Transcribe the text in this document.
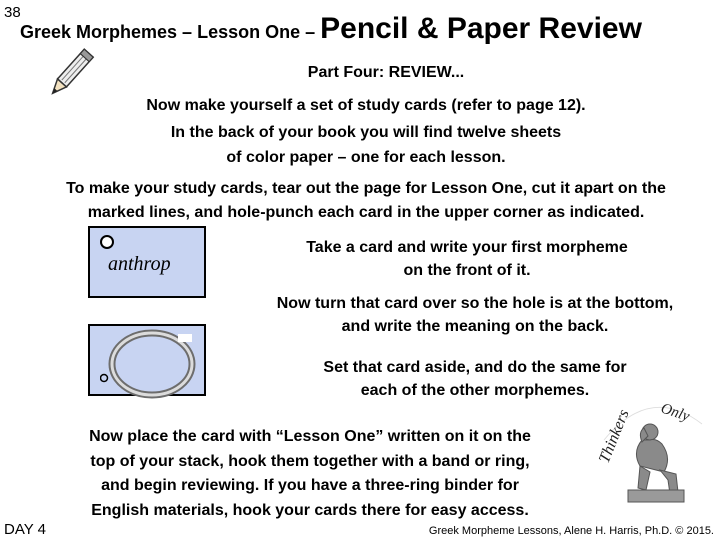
38
Greek Morphemes – Lesson One – Pencil & Paper Review
Part Four: REVIEW...
Now make yourself a set of study cards (refer to page 12).
In the back of your book you will find twelve sheets
of color paper – one for each lesson.
To make your study cards, tear out the page for Lesson One, cut it apart on the
marked lines, and hole-punch each card in the upper corner as indicated.
anthrop
Take a card and write your first morpheme
on the front of it.
Now turn that card over so the hole is at the bottom,
and write the meaning on the back.
Set that card aside, and do the same for
each of the other morphemes.
Now place the card with “Lesson One” written on it on the
top of your stack, hook them together with a band or ring,
and begin reviewing. If you have a three-ring binder for
English materials, hook your cards there for easy access.
Thinkers Only
DAY 4	Greek Morpheme Lessons, Alene H. Harris, Ph.D. © 2015.
